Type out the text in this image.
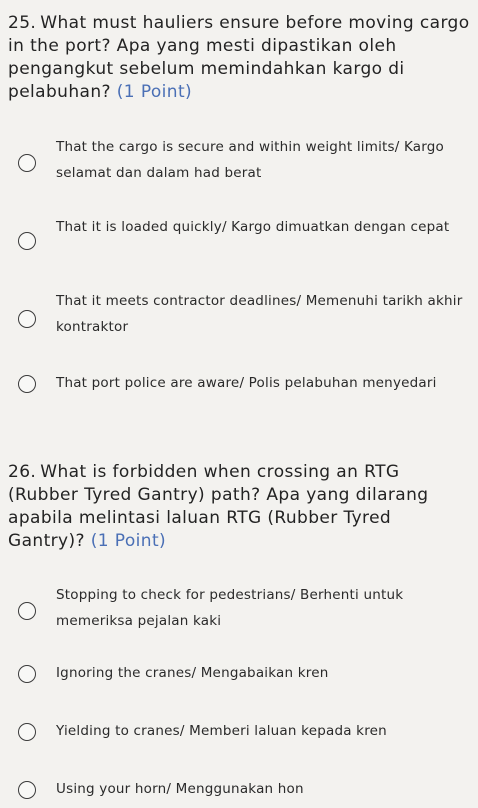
25. What must hauliers ensure before moving cargo in the port? Apa yang mesti dipastikan oleh pengangkut sebelum memindahkan kargo di pelabuhan? (1 Point)
That the cargo is secure and within weight limits/ Kargo selamat dan dalam had berat
That it is loaded quickly/ Kargo dimuatkan dengan cepat
That it meets contractor deadlines/ Memenuhi tarikh akhir kontraktor
That port police are aware/ Polis pelabuhan menyedari
26. What is forbidden when crossing an RTG (Rubber Tyred Gantry) path? Apa yang dilarang apabila melintasi laluan RTG (Rubber Tyred Gantry)? (1 Point)
Stopping to check for pedestrians/ Berhenti untuk memeriksa pejalan kaki
Ignoring the cranes/ Mengabaikan kren
Yielding to cranes/ Memberi laluan kepada kren
Using your horn/ Menggunakan hon
